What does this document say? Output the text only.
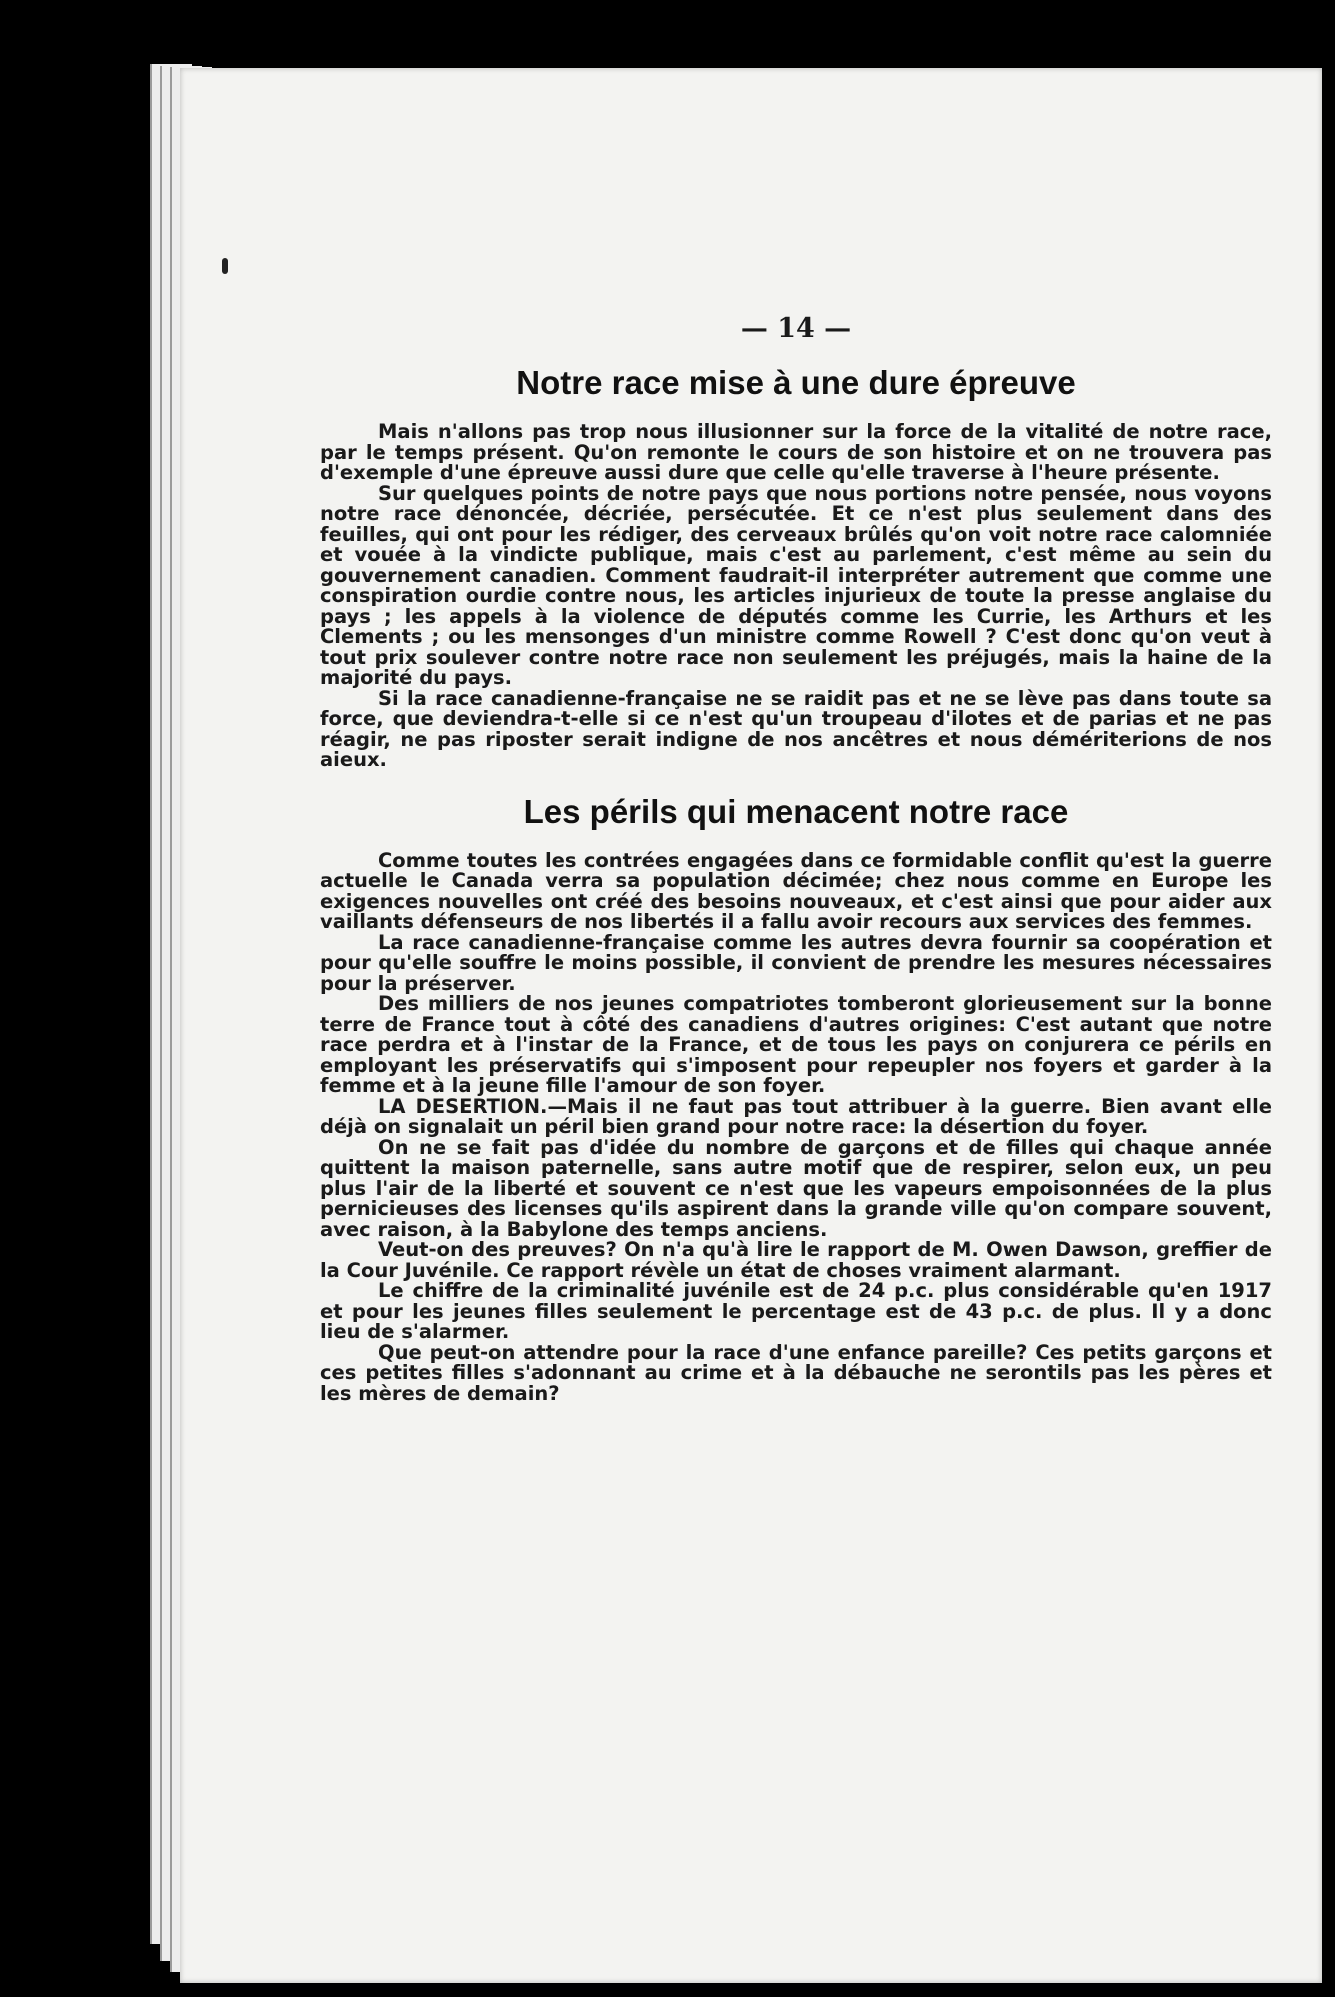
— 14 —
Notre race mise à une dure épreuve

Mais n'allons pas trop nous illusionner sur la force de la vitalité de notre race, par le temps présent. Qu'on remonte le cours de son histoire et on ne trouvera pas d'exemple d'une épreuve aussi dure que celle qu'elle traverse à l'heure présente.

Sur quelques points de notre pays que nous portions notre pensée, nous voyons notre race dénoncée, décriée, persécutée. Et ce n'est plus seulement dans des feuilles, qui ont pour les rédiger, des cerveaux brûlés qu'on voit notre race calomniée et vouée à la vindicte publique, mais c'est au parlement, c'est même au sein du gouvernement canadien. Comment faudrait-il interpréter autrement que comme une conspiration ourdie contre nous, les articles injurieux de toute la presse anglaise du pays ; les appels à la violence de députés comme les Currie, les Arthurs et les Clements ; ou les mensonges d'un ministre comme Rowell ? C'est donc qu'on veut à tout prix soulever contre notre race non seulement les préjugés, mais la haine de la majorité du pays.

Si la race canadienne-française ne se raidit pas et ne se lève pas dans toute sa force, que deviendra-t-elle si ce n'est qu'un troupeau d'ilotes et de parias et ne pas réagir, ne pas riposter serait indigne de nos ancêtres et nous démériterions de nos aieux.

Les périls qui menacent notre race

Comme toutes les contrées engagées dans ce formidable conflit qu'est la guerre actuelle le Canada verra sa population décimée; chez nous comme en Europe les exigences nouvelles ont créé des besoins nouveaux, et c'est ainsi que pour aider aux vaillants défenseurs de nos libertés il a fallu avoir recours aux services des femmes.

La race canadienne-française comme les autres devra fournir sa coopération et pour qu'elle souffre le moins possible, il convient de prendre les mesures nécessaires pour la préserver.

Des milliers de nos jeunes compatriotes tomberont glorieusement sur la bonne terre de France tout à côté des canadiens d'autres origines: C'est autant que notre race perdra et à l'instar de la France, et de tous les pays on conjurera ce périls en employant les préservatifs qui s'imposent pour repeupler nos foyers et garder à la femme et à la jeune fille l'amour de son foyer.

LA DESERTION.—Mais il ne faut pas tout attribuer à la guerre. Bien avant elle déjà on signalait un péril bien grand pour notre race: la désertion du foyer.

On ne se fait pas d'idée du nombre de garçons et de filles qui chaque année quittent la maison paternelle, sans autre motif que de respirer, selon eux, un peu plus l'air de la liberté et souvent ce n'est que les vapeurs empoisonnées de la plus pernicieuses des licenses qu'ils aspirent dans la grande ville qu'on compare souvent, avec raison, à la Babylone des temps anciens.

Veut-on des preuves? On n'a qu'à lire le rapport de M. Owen Dawson, greffier de la Cour Juvénile. Ce rapport révèle un état de choses vraiment alarmant.

Le chiffre de la criminalité juvénile est de 24 p.c. plus considérable qu'en 1917 et pour les jeunes filles seulement le percentage est de 43 p.c. de plus. Il y a donc lieu de s'alarmer.

Que peut-on attendre pour la race d'une enfance pareille? Ces petits garçons et ces petites filles s'adonnant au crime et à la débauche ne serontils pas les pères et les mères de demain?
